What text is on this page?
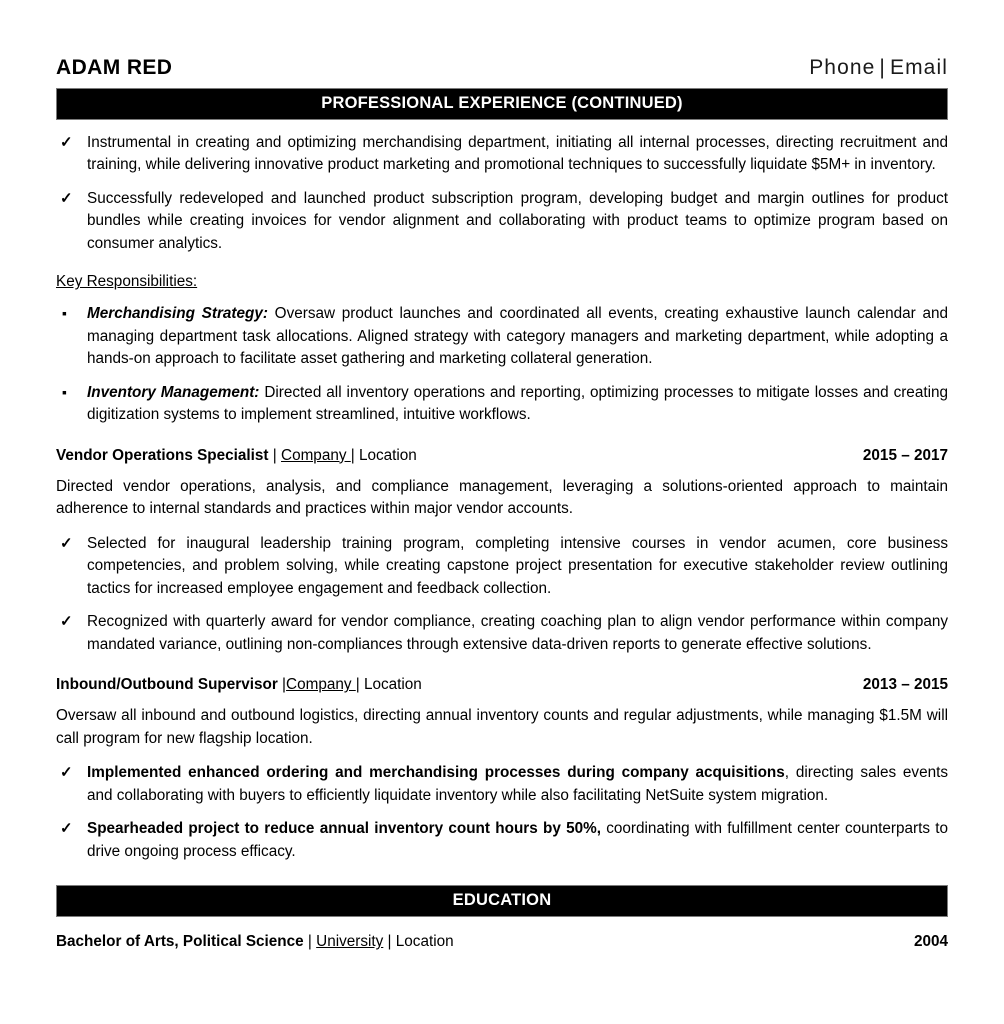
ADAM RED	Phone | Email
PROFESSIONAL EXPERIENCE (CONTINUED)
✓ Instrumental in creating and optimizing merchandising department, initiating all internal processes, directing recruitment and training, while delivering innovative product marketing and promotional techniques to successfully liquidate $5M+ in inventory.
✓ Successfully redeveloped and launched product subscription program, developing budget and margin outlines for product bundles while creating invoices for vendor alignment and collaborating with product teams to optimize program based on consumer analytics.
Key Responsibilities:
▪ Merchandising Strategy: Oversaw product launches and coordinated all events, creating exhaustive launch calendar and managing department task allocations. Aligned strategy with category managers and marketing department, while adopting a hands-on approach to facilitate asset gathering and marketing collateral generation.
▪ Inventory Management: Directed all inventory operations and reporting, optimizing processes to mitigate losses and creating digitization systems to implement streamlined, intuitive workflows.
Vendor Operations Specialist | Company | Location	2015 – 2017
Directed vendor operations, analysis, and compliance management, leveraging a solutions-oriented approach to maintain adherence to internal standards and practices within major vendor accounts.
✓ Selected for inaugural leadership training program, completing intensive courses in vendor acumen, core business competencies, and problem solving, while creating capstone project presentation for executive stakeholder review outlining tactics for increased employee engagement and feedback collection.
✓ Recognized with quarterly award for vendor compliance, creating coaching plan to align vendor performance within company mandated variance, outlining non-compliances through extensive data-driven reports to generate effective solutions.
Inbound/Outbound Supervisor |Company | Location	2013 – 2015
Oversaw all inbound and outbound logistics, directing annual inventory counts and regular adjustments, while managing $1.5M will call program for new flagship location.
✓ Implemented enhanced ordering and merchandising processes during company acquisitions, directing sales events and collaborating with buyers to efficiently liquidate inventory while also facilitating NetSuite system migration.
✓ Spearheaded project to reduce annual inventory count hours by 50%, coordinating with fulfillment center counterparts to drive ongoing process efficacy.
EDUCATION
Bachelor of Arts, Political Science | University | Location	2004
